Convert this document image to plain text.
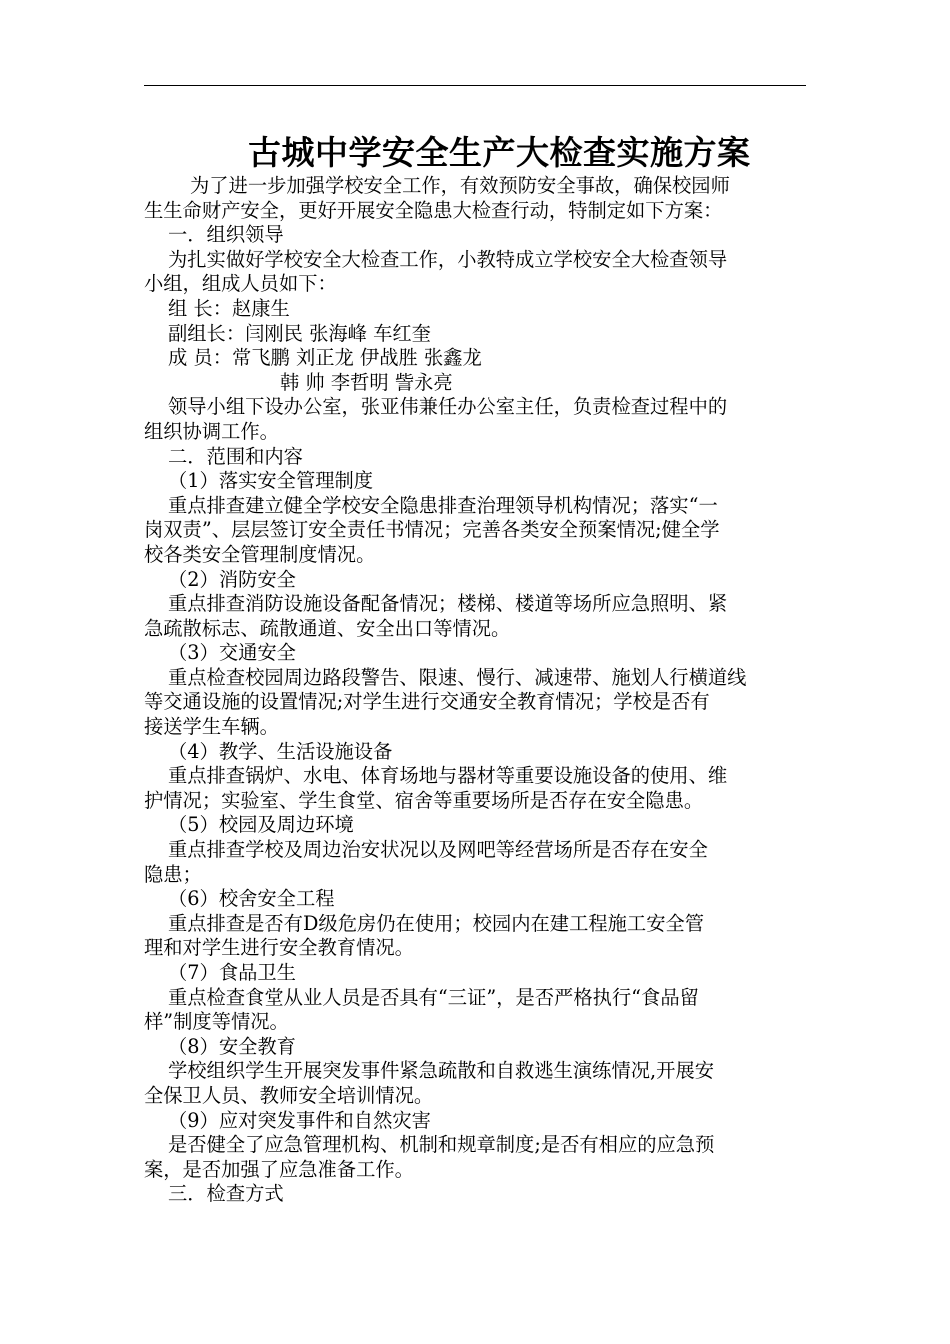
古城中学安全生产大检查实施方案
为了进一步加强学校安全工作，有效预防安全事故，确保校园师
生生命财产安全，更好开展安全隐患大检查行动，特制定如下方案：
一．组织领导
为扎实做好学校安全大检查工作，小教特成立学校安全大检查领导
小组，组成人员如下：
组 长：赵康生
副组长：闫刚民 张海峰 车红奎
成 员：常飞鹏 刘正龙 伊战胜 张鑫龙
韩 帅 李哲明 訾永亮
领导小组下设办公室，张亚伟兼任办公室主任，负责检查过程中的
组织协调工作。
二．范围和内容
（1）落实安全管理制度
重点排查建立健全学校安全隐患排查治理领导机构情况；落实“一
岗双责”、层层签订安全责任书情况；完善各类安全预案情况;健全学
校各类安全管理制度情况。
（2）消防安全
重点排查消防设施设备配备情况；楼梯、楼道等场所应急照明、紧
急疏散标志、疏散通道、安全出口等情况。
（3）交通安全
重点检查校园周边路段警告、限速、慢行、减速带、施划人行横道线
等交通设施的设置情况;对学生进行交通安全教育情况；学校是否有
接送学生车辆。
（4）教学、生活设施设备
重点排查锅炉、水电、体育场地与器材等重要设施设备的使用、维
护情况；实验室、学生食堂、宿舍等重要场所是否存在安全隐患。
（5）校园及周边环境
重点排查学校及周边治安状况以及网吧等经营场所是否存在安全
隐患；
（6）校舍安全工程
重点排查是否有D级危房仍在使用；校园内在建工程施工安全管
理和对学生进行安全教育情况。
（7）食品卫生
重点检查食堂从业人员是否具有“三证”，是否严格执行“食品留
样”制度等情况。
（8）安全教育
学校组织学生开展突发事件紧急疏散和自救逃生演练情况,开展安
全保卫人员、教师安全培训情况。
（9）应对突发事件和自然灾害
是否健全了应急管理机构、机制和规章制度;是否有相应的应急预
案，是否加强了应急准备工作。
三．检查方式
